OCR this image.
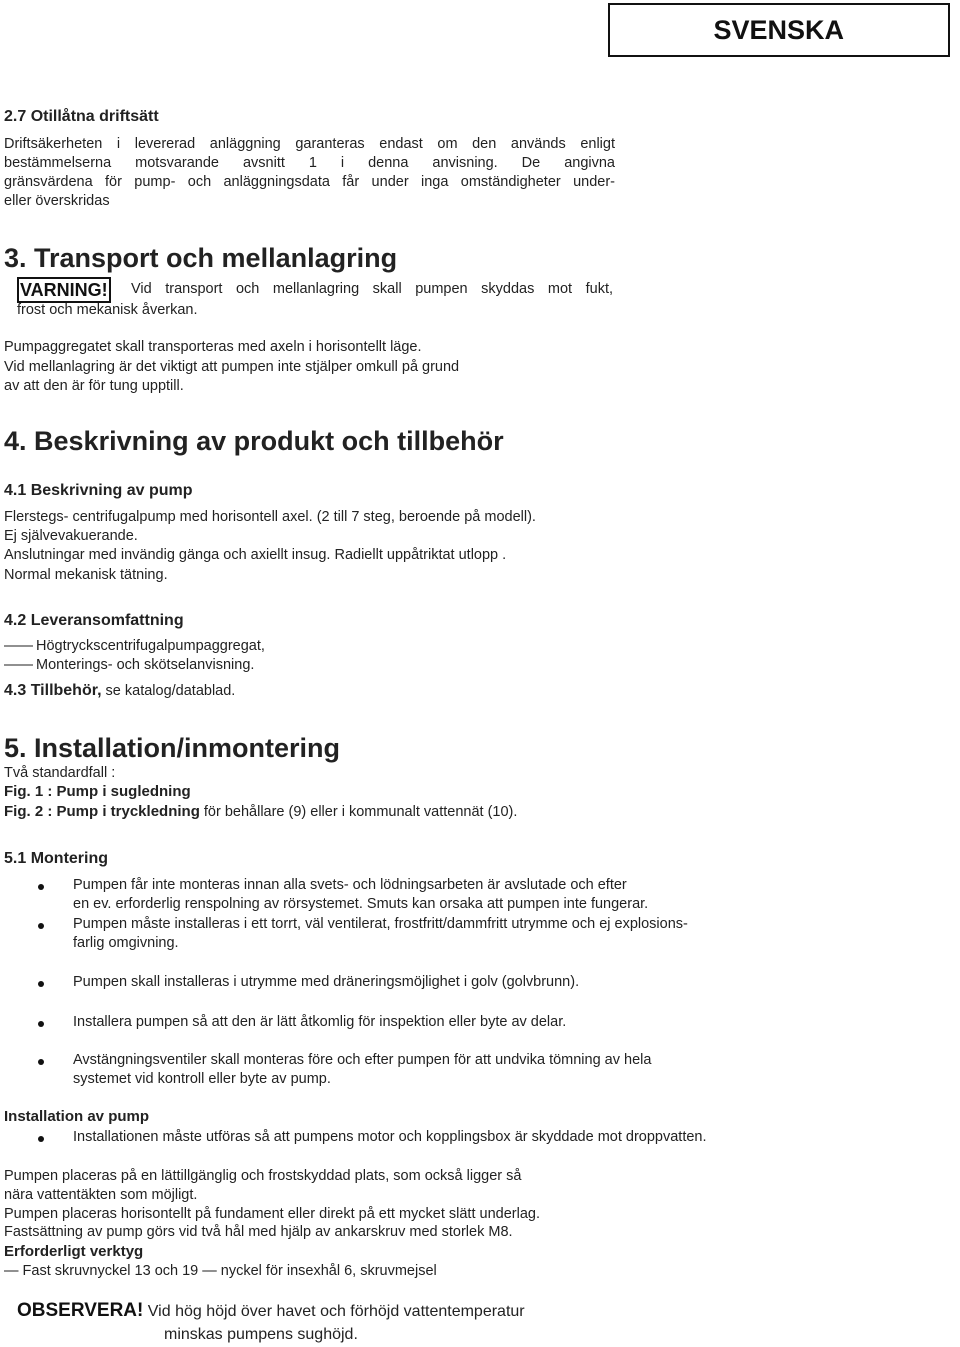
SVENSKA
2.7 Otillåtna driftsätt
Driftsäkerheten i levererad anläggning garanteras endast om den används enligt
bestämmelserna motsvarande avsnitt 1 i denna anvisning. De angivna
gränsvärdena för pump- och anläggningsdata får under inga omständigheter under-
eller överskridas
3. Transport och mellanlagring
VARNING! Vid transport och mellanlagring skall pumpen skyddas mot fukt,
frost och mekanisk åverkan.
Pumpaggregatet skall transporteras med axeln i horisontellt läge.
Vid mellanlagring är det viktigt att pumpen inte stjälper omkull på grund
av att den är för tung upptill.
4. Beskrivning av produkt och tillbehör
4.1 Beskrivning av pump
Flerstegs- centrifugalpump med horisontell axel. (2 till 7 steg, beroende på modell).
Ej självevakuerande.
Anslutningar med invändig gänga och axiellt insug. Radiellt uppåtriktat utlopp .
Normal mekanisk tätning.
4.2 Leveransomfattning
—— Högtryckscentrifugalpumpaggregat,
—— Monterings- och skötselanvisning.
4.3 Tillbehör, se katalog/datablad.
5. Installation/inmontering
Två standardfall :
Fig. 1 : Pump i sugledning
Fig. 2 : Pump i tryckledning för behållare (9) eller i kommunalt vattennät (10).
5.1 Montering
Pumpen får inte monteras innan alla svets- och lödningsarbeten är avslutade och efter
en ev. erforderlig renspolning av rörsystemet. Smuts kan orsaka att pumpen inte fungerar.
Pumpen måste installeras i ett torrt, väl ventilerat, frostfritt/dammfritt utrymme och ej explosions-
farlig omgivning.
Pumpen skall installeras i utrymme med dräneringsmöjlighet i golv (golvbrunn).
Installera pumpen så att den är lätt åtkomlig för inspektion eller byte av delar.
Avstängningsventiler skall monteras före och efter pumpen för att undvika tömning av hela
systemet vid kontroll eller byte av pump.
Installation av pump
Installationen måste utföras så att pumpens motor och kopplingsbox är skyddade mot droppvatten.
Pumpen placeras på en lättillgänglig och frostskyddad plats, som också ligger så
nära vattentäkten som möjligt.
Pumpen placeras horisontellt på fundament eller direkt på ett mycket slätt underlag.
Fastsättning av pump görs vid två hål med hjälp av ankarskruv med storlek M8.
Erforderligt verktyg
— Fast skruvnyckel 13 och 19 — nyckel för insexhål 6, skruvmejsel
OBSERVERA! Vid hög höjd över havet och förhöjd vattentemperatur
minskas pumpens sughöjd.
